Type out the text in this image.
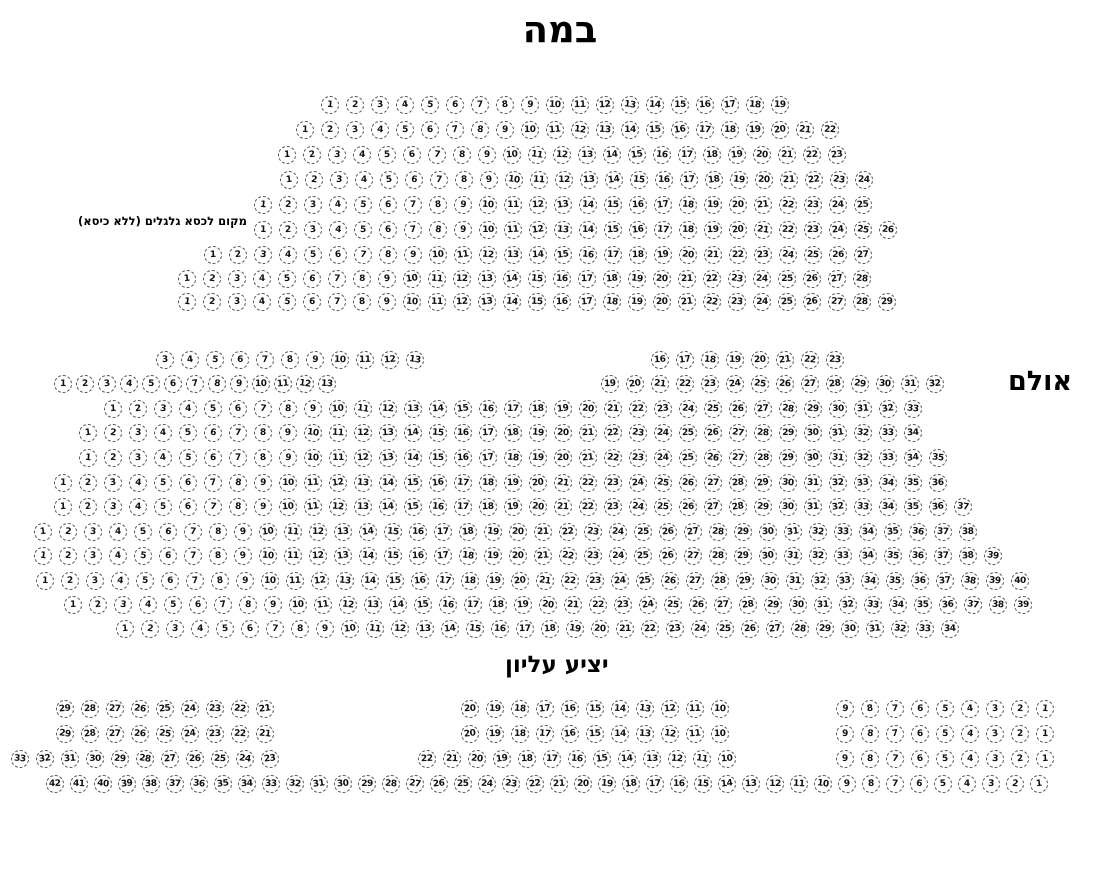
במה
מקום לכסא גלגלים (ללא כיסא)
אולם
יציע עליון
1 2 3 4 5 6 7 8 9 10 11 12 13 14 15 16 17 18 19
1 2 3 4 5 6 7 8 9 10 11 12 13 14 15 16 17 18 19 20 21 22
1 2 3 4 5 6 7 8 9 10 11 12 13 14 15 16 17 18 19 20 21 22 23
1 2 3 4 5 6 7 8 9 10 11 12 13 14 15 16 17 18 19 20 21 22 23 24
1 2 3 4 5 6 7 8 9 10 11 12 13 14 15 16 17 18 19 20 21 22 23 24 25
1 2 3 4 5 6 7 8 9 10 11 12 13 14 15 16 17 18 19 20 21 22 23 24 25 26
1 2 3 4 5 6 7 8 9 10 11 12 13 14 15 16 17 18 19 20 21 22 23 24 25 26 27
1 2 3 4 5 6 7 8 9 10 11 12 13 14 15 16 17 18 19 20 21 22 23 24 25 26 27 28
1 2 3 4 5 6 7 8 9 10 11 12 13 14 15 16 17 18 19 20 21 22 23 24 25 26 27 28 29
3 4 5 6 7 8 9 10 11 12 13	16 17 18 19 20 21 22 23
1 2 3 4 5 6 7 8 9 10 11 12 13	19 20 21 22 23 24 25 26 27 28 29 30 31 32
1 2 3 4 5 6 7 8 9 10 11 12 13 14 15 16 17 18 19 20 21 22 23 24 25 26 27 28 29 30 31 32 33
1 2 3 4 5 6 7 8 9 10 11 12 13 14 15 16 17 18 19 20 21 22 23 24 25 26 27 28 29 30 31 32 33 34
1 2 3 4 5 6 7 8 9 10 11 12 13 14 15 16 17 18 19 20 21 22 23 24 25 26 27 28 29 30 31 32 33 34 35
1 2 3 4 5 6 7 8 9 10 11 12 13 14 15 16 17 18 19 20 21 22 23 24 25 26 27 28 29 30 31 32 33 34 35 36
1 2 3 4 5 6 7 8 9 10 11 12 13 14 15 16 17 18 19 20 21 22 23 24 25 26 27 28 29 30 31 32 33 34 35 36 37
1 2 3 4 5 6 7 8 9 10 11 12 13 14 15 16 17 18 19 20 21 22 23 24 25 26 27 28 29 30 31 32 33 34 35 36 37 38
1 2 3 4 5 6 7 8 9 10 11 12 13 14 15 16 17 18 19 20 21 22 23 24 25 26 27 28 29 30 31 32 33 34 35 36 37 38 39
1 2 3 4 5 6 7 8 9 10 11 12 13 14 15 16 17 18 19 20 21 22 23 24 25 26 27 28 29 30 31 32 33 34 35 36 37 38 39 40
1 2 3 4 5 6 7 8 9 10 11 12 13 14 15 16 17 18 19 20 21 22 23 24 25 26 27 28 29 30 31 32 33 34 35 36 37 38 39
1 2 3 4 5 6 7 8 9 10 11 12 13 14 15 16 17 18 19 20 21 22 23 24 25 26 27 28 29 30 31 32 33 34
29 28 27 26 25 24 23 22 21	20 19 18 17 16 15 14 13 12 11 10	9 8 7 6 5 4 3 2 1
29 28 27 26 25 24 23 22 21	20 19 18 17 16 15 14 13 12 11 10	9 8 7 6 5 4 3 2 1
33 32 31 30 29 28 27 26 25 24 23	22 21 20 19 18 17 16 15 14 13 12 11 10	9 8 7 6 5 4 3 2 1
42 41 40 39 38 37 36 35 34 33 32 31 30 29 28 27 26 25 24 23 22 21 20 19 18 17 16 15 14 13 12 11 10 9 8 7 6 5 4 3 2 1
